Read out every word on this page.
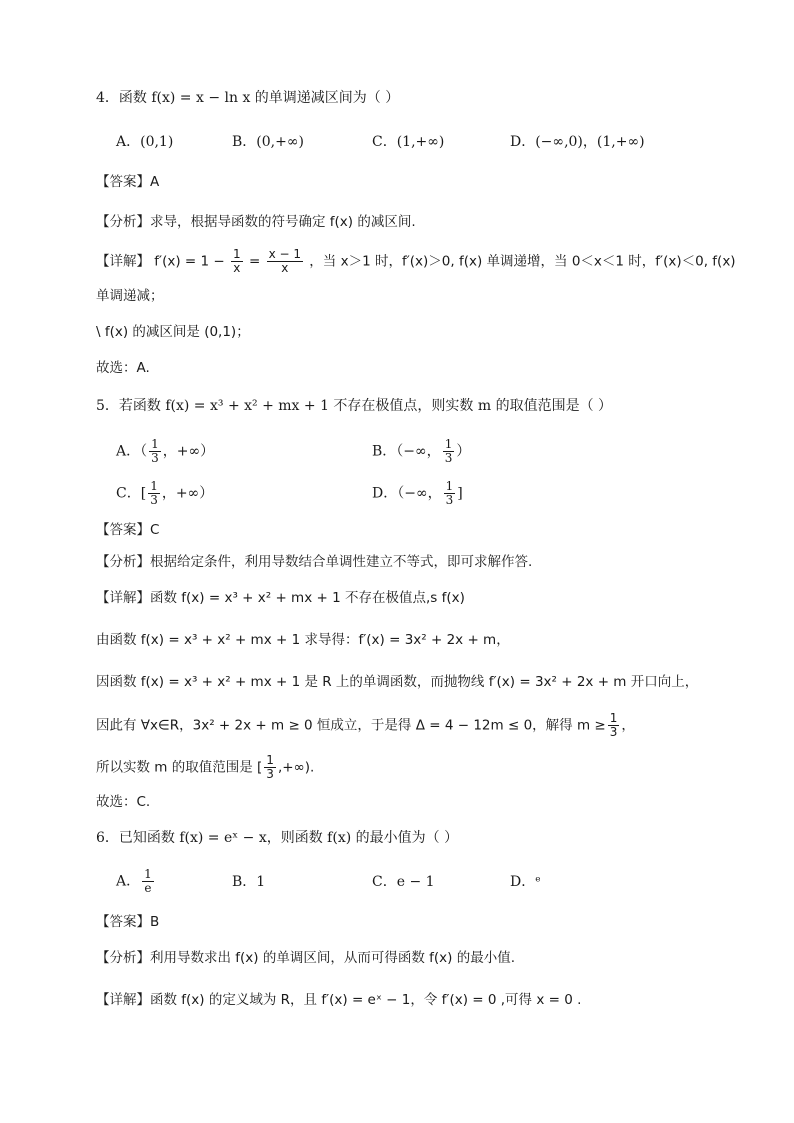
4．函数 f(x) = x − ln x 的单调递减区间为（ ）
A．(0,1)	B．(0,+∞)	C．(1,+∞)	D．(−∞,0)，(1,+∞)
【答案】A
【分析】求导，根据导函数的符号确定 f(x) 的减区间.
【详解】 $f'(x) = 1 - \frac{1}{x} = \frac{x - 1}{x}$ ，当 x＞1 时，f′(x)＞0, f(x) 单调递增，当 0＜x＜1 时，f′(x)＜0, f(x)
单调递减；
\ f(x) 的减区间是 (0,1)；
故选：A.
5．若函数 f(x) = x³ + x² + mx + 1 不存在极值点，则实数 m 的取值范围是（ ）
A．（ $\frac{1}{3}$ ，+∞）	B．（−∞， $\frac{1}{3}$ ）
C．[ $\frac{1}{3}$ ，+∞）	D．（−∞， $\frac{1}{3}$ ]
【答案】C
【分析】根据给定条件，利用导数结合单调性建立不等式，即可求解作答.
【详解】函数 f(x) = x³ + x² + mx + 1 不存在极值点,s f(x)
由函数 f(x) = x³ + x² + mx + 1 求导得：f′(x) = 3x² + 2x + m，
因函数 f(x) = x³ + x² + mx + 1 是 R 上的单调函数，而抛物线 f′(x) = 3x² + 2x + m 开口向上，
因此有 ∀x∈R，3x² + 2x + m ≥ 0 恒成立，于是得 Δ = 4 − 12m ≤ 0，解得 $m \ge \frac{1}{3}$ ，
所以实数 m 的取值范围是 [ $\frac{1}{3}$ ,+∞).
故选：C.
6．已知函数 f(x) = eˣ − x，则函数 f(x) 的最小值为（ ）
A． $\frac{1}{e}$	B．1	C．e − 1	D．ᵉ
【答案】B
【分析】利用导数求出 f(x) 的单调区间，从而可得函数 f(x) 的最小值.
【详解】函数 f(x) 的定义域为 R，且 f′(x) = eˣ − 1，令 f′(x) = 0 ,可得 x = 0 .
